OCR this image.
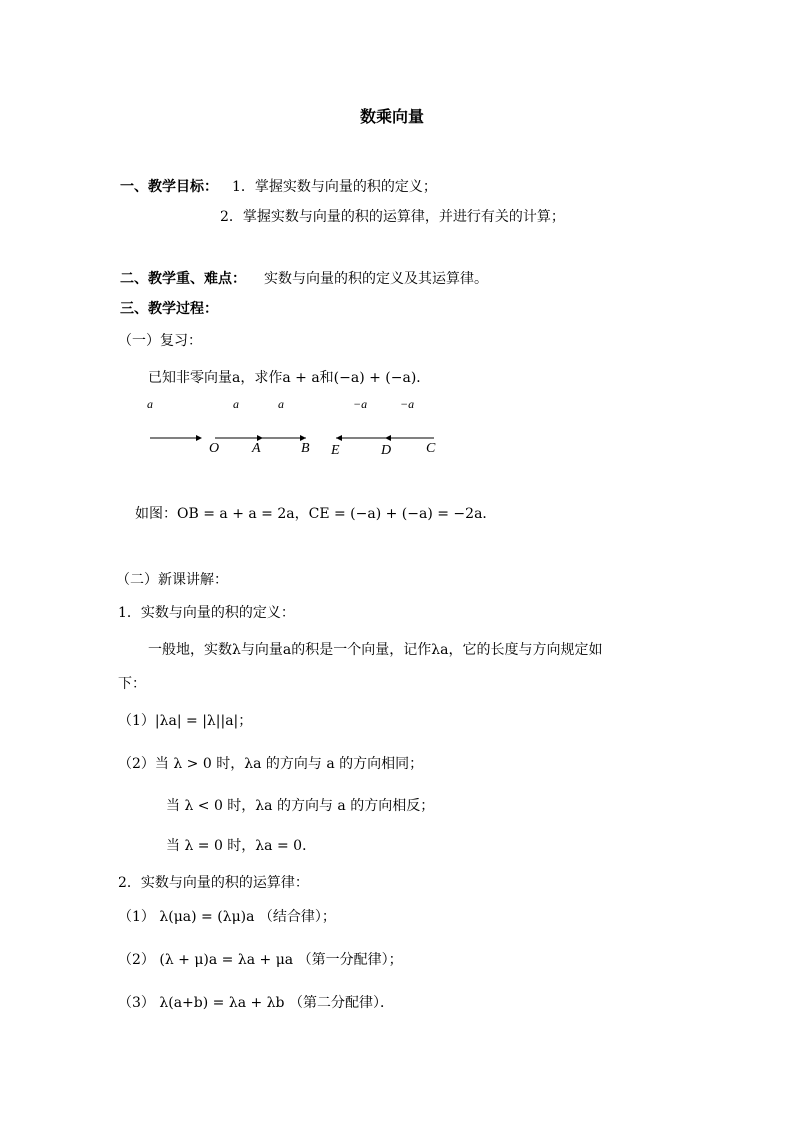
数乘向量
一、教学目标： 1．掌握实数与向量的积的定义；
2．掌握实数与向量的积的运算律，并进行有关的计算；
二、教学重、难点： 实数与向量的积的定义及其运算律。
三、教学过程：
（一）复习：
已知非零向量a，求作a + a和(−a) + (−a)．
a	a	a	−a	−a
O A	B E	D C
如图：OB = a + a = 2a，CE = (−a) + (−a) = −2a．
（二）新课讲解：
1．实数与向量的积的定义：
一般地，实数λ与向量a的积是一个向量，记作λa，它的长度与方向规定如
下：
（1）|λa| = |λ||a|；
（2）当 λ > 0 时，λa 的方向与 a 的方向相同；
当 λ < 0 时，λa 的方向与 a 的方向相反；
当 λ = 0 时，λa = 0．
2．实数与向量的积的运算律：
（1） λ(μa) = (λμ)a （结合律）；
（2） (λ + μ)a = λa + μa （第一分配律）；
（3） λ(a+b) = λa + λb （第二分配律）．
